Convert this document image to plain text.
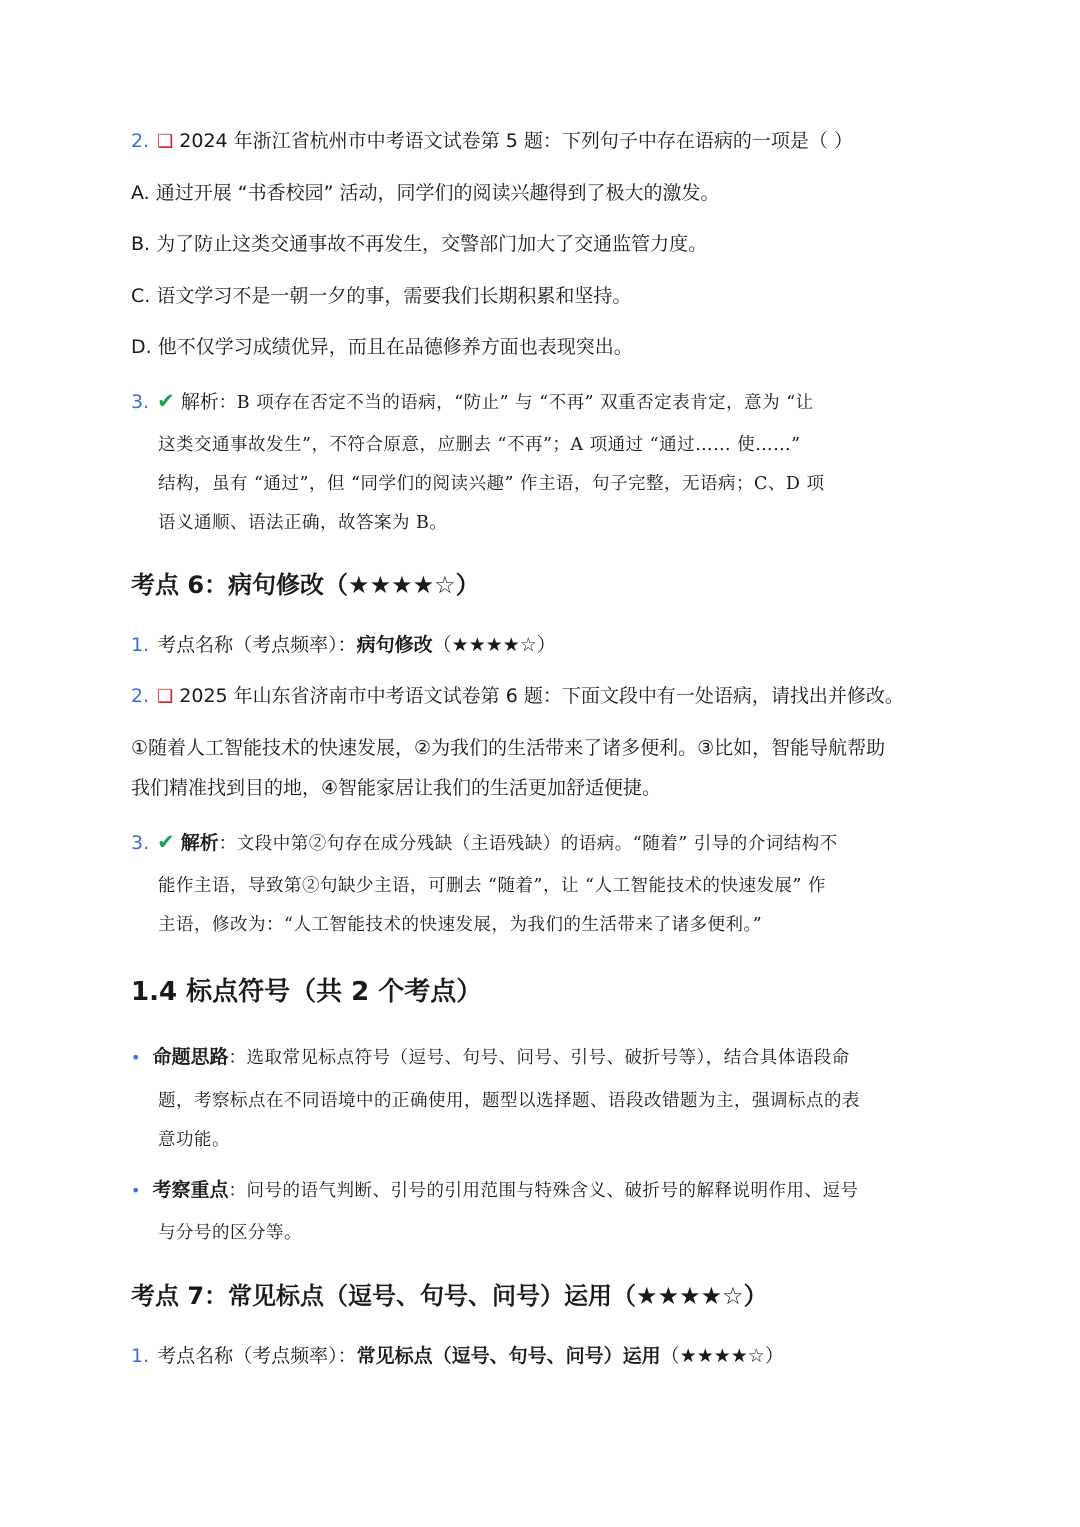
2. ❑ 2024 年浙江省杭州市中考语文试卷第 5 题：下列句子中存在语病的一项是（ ）
A. 通过开展 “书香校园” 活动，同学们的阅读兴趣得到了极大的激发。
B. 为了防止这类交通事故不再发生，交警部门加大了交通监管力度。
C. 语文学习不是一朝一夕的事，需要我们长期积累和坚持。
D. 他不仅学习成绩优异，而且在品德修养方面也表现突出。
3. ✔ 解析：B 项存在否定不当的语病，“防止” 与 “不再” 双重否定表肯定，意为 “让
这类交通事故发生”，不符合原意，应删去 “不再”；A 项通过 “通过…… 使……”
结构，虽有 “通过”，但 “同学们的阅读兴趣” 作主语，句子完整，无语病；C、D 项
语义通顺、语法正确，故答案为 B。
考点 6：病句修改（★★★★☆）
1. 考点名称（考点频率）：病句修改（★★★★☆）
2. ❑ 2025 年山东省济南市中考语文试卷第 6 题：下面文段中有一处语病，请找出并修改。
①随着人工智能技术的快速发展，②为我们的生活带来了诸多便利。③比如，智能导航帮助
我们精准找到目的地，④智能家居让我们的生活更加舒适便捷。
3. ✔ 解析：文段中第②句存在成分残缺（主语残缺）的语病。“随着” 引导的介词结构不
能作主语，导致第②句缺少主语，可删去 “随着”，让 “人工智能技术的快速发展” 作
主语，修改为：“人工智能技术的快速发展，为我们的生活带来了诸多便利。”
1.4 标点符号（共 2 个考点）
• 命题思路：选取常见标点符号（逗号、句号、问号、引号、破折号等），结合具体语段命
题，考察标点在不同语境中的正确使用，题型以选择题、语段改错题为主，强调标点的表
意功能。
• 考察重点：问号的语气判断、引号的引用范围与特殊含义、破折号的解释说明作用、逗号
与分号的区分等。
考点 7：常见标点（逗号、句号、问号）运用（★★★★☆）
1. 考点名称（考点频率）：常见标点（逗号、句号、问号）运用（★★★★☆）
